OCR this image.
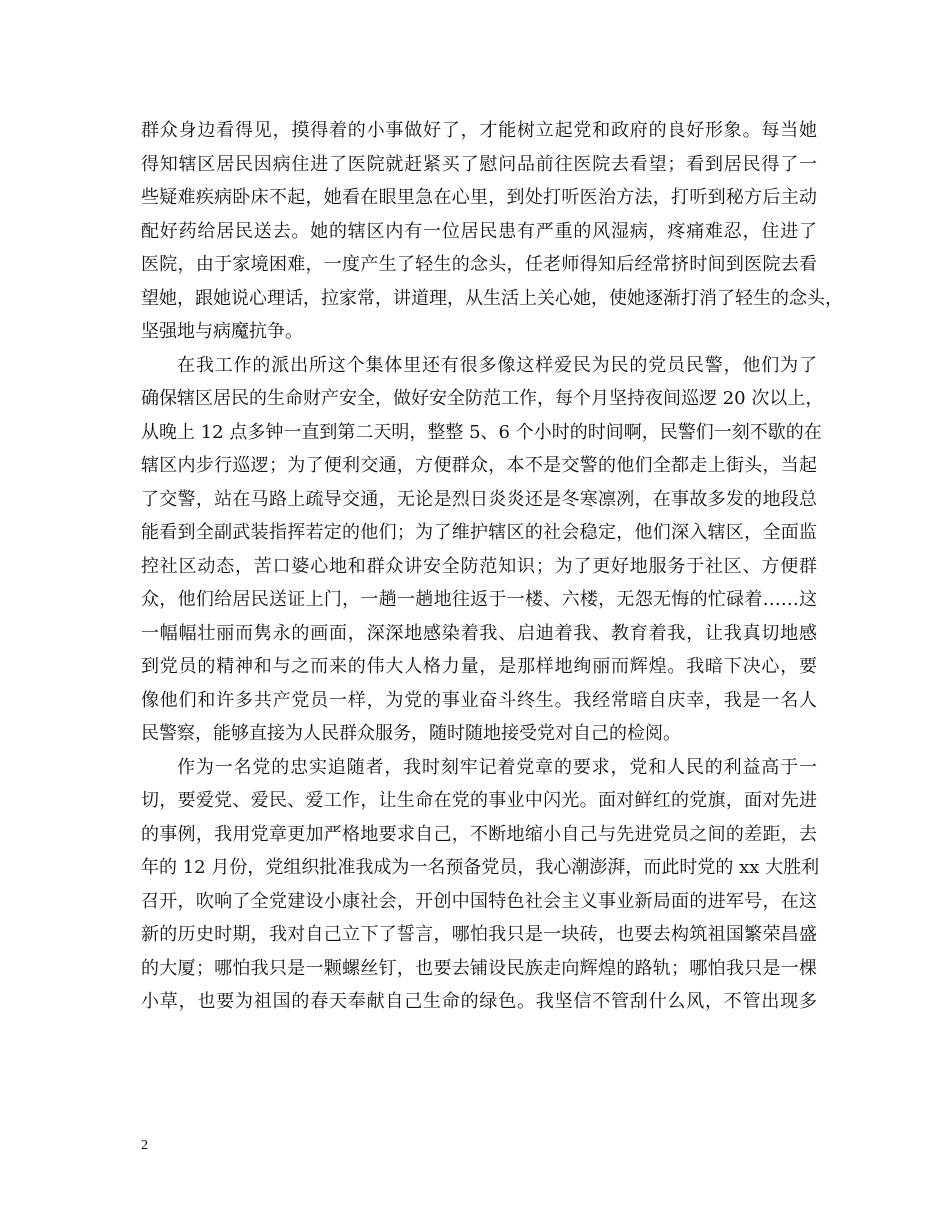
群众身边看得见，摸得着的小事做好了，才能树立起党和政府的良好形象。每当她
得知辖区居民因病住进了医院就赶紧买了慰问品前往医院去看望；看到居民得了一
些疑难疾病卧床不起，她看在眼里急在心里，到处打听医治方法，打听到秘方后主动
配好药给居民送去。她的辖区内有一位居民患有严重的风湿病，疼痛难忍，住进了
医院，由于家境困难，一度产生了轻生的念头，任老师得知后经常挤时间到医院去看
望她，跟她说心理话，拉家常，讲道理，从生活上关心她，使她逐渐打消了轻生的念头，
坚强地与病魔抗争。
在我工作的派出所这个集体里还有很多像这样爱民为民的党员民警，他们为了
确保辖区居民的生命财产安全，做好安全防范工作，每个月坚持夜间巡逻 20 次以上，
从晚上 12 点多钟一直到第二天明，整整 5、6 个小时的时间啊，民警们一刻不歇的在
辖区内步行巡逻；为了便利交通，方便群众，本不是交警的他们全都走上街头，当起
了交警，站在马路上疏导交通，无论是烈日炎炎还是冬寒凛冽，在事故多发的地段总
能看到全副武装指挥若定的他们；为了维护辖区的社会稳定，他们深入辖区，全面监
控社区动态，苦口婆心地和群众讲安全防范知识；为了更好地服务于社区、方便群
众，他们给居民送证上门，一趟一趟地往返于一楼、六楼，无怨无悔的忙碌着……这
一幅幅壮丽而隽永的画面，深深地感染着我、启迪着我、教育着我，让我真切地感
到党员的精神和与之而来的伟大人格力量，是那样地绚丽而辉煌。我暗下决心，要
像他们和许多共产党员一样，为党的事业奋斗终生。我经常暗自庆幸，我是一名人
民警察，能够直接为人民群众服务，随时随地接受党对自己的检阅。
作为一名党的忠实追随者，我时刻牢记着党章的要求，党和人民的利益高于一
切，要爱党、爱民、爱工作，让生命在党的事业中闪光。面对鲜红的党旗，面对先进
的事例，我用党章更加严格地要求自己，不断地缩小自己与先进党员之间的差距，去
年的 12 月份，党组织批准我成为一名预备党员，我心潮澎湃，而此时党的 xx 大胜利
召开，吹响了全党建设小康社会，开创中国特色社会主义事业新局面的进军号，在这
新的历史时期，我对自己立下了誓言，哪怕我只是一块砖，也要去构筑祖国繁荣昌盛
的大厦；哪怕我只是一颗螺丝钉，也要去铺设民族走向辉煌的路轨；哪怕我只是一棵
小草，也要为祖国的春天奉献自己生命的绿色。我坚信不管刮什么风，不管出现多
2
